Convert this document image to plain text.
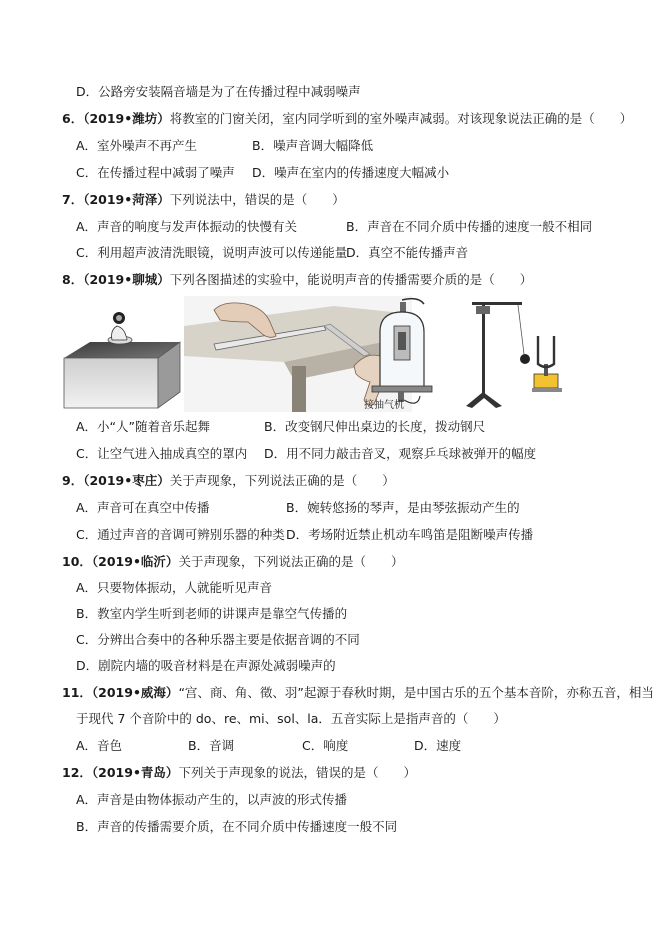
D．公路旁安装隔音墙是为了在传播过程中减弱噪声
6．（2019•潍坊）将教室的门窗关闭，室内同学听到的室外噪声减弱。对该现象说法正确的是（　　）
A．室外噪声不再产生	B．噪声音调大幅降低
C．在传播过程中减弱了噪声 D．噪声在室内的传播速度大幅减小
7．（2019•菏泽）下列说法中，错误的是（　　）
A．声音的响度与发声体振动的快慢有关	B．声音在不同介质中传播的速度一般不相同
C．利用超声波清洗眼镜，说明声波可以传递能量
D．真空不能传播声音
8．（2019•聊城）下列各图描述的实验中，能说明声音的传播需要介质的是（　　）
接抽气机
A．小“人”随着音乐起舞	B．改变钢尺伸出桌边的长度，拨动钢尺
C．让空气进入抽成真空的罩内 D．用不同力敲击音叉，观察乒乓球被弹开的幅度
9．（2019•枣庄）关于声现象，下列说法正确的是（　　）
A．声音可在真空中传播	B．婉转悠扬的琴声，是由琴弦振动产生的
C．通过声音的音调可辨别乐器的种类 D．考场附近禁止机动车鸣笛是阻断噪声传播
10．（2019•临沂）关于声现象，下列说法正确的是（　　）
A．只要物体振动，人就能听见声音
B．教室内学生听到老师的讲课声是靠空气传播的
C．分辨出合奏中的各种乐器主要是依据音调的不同
D．剧院内墙的吸音材料是在声源处减弱噪声的
11．（2019•威海）“宫、商、角、徵、羽”起源于春秋时期，是中国古乐的五个基本音阶，亦称五音，相当
于现代 7 个音阶中的 do、re、mi、sol、la．五音实际上是指声音的（　　）
A．音色	B．音调	C．响度	D．速度
12．（2019•青岛）下列关于声现象的说法，错误的是（　　）
A．声音是由物体振动产生的，以声波的形式传播
B．声音的传播需要介质，在不同介质中传播速度一般不同
